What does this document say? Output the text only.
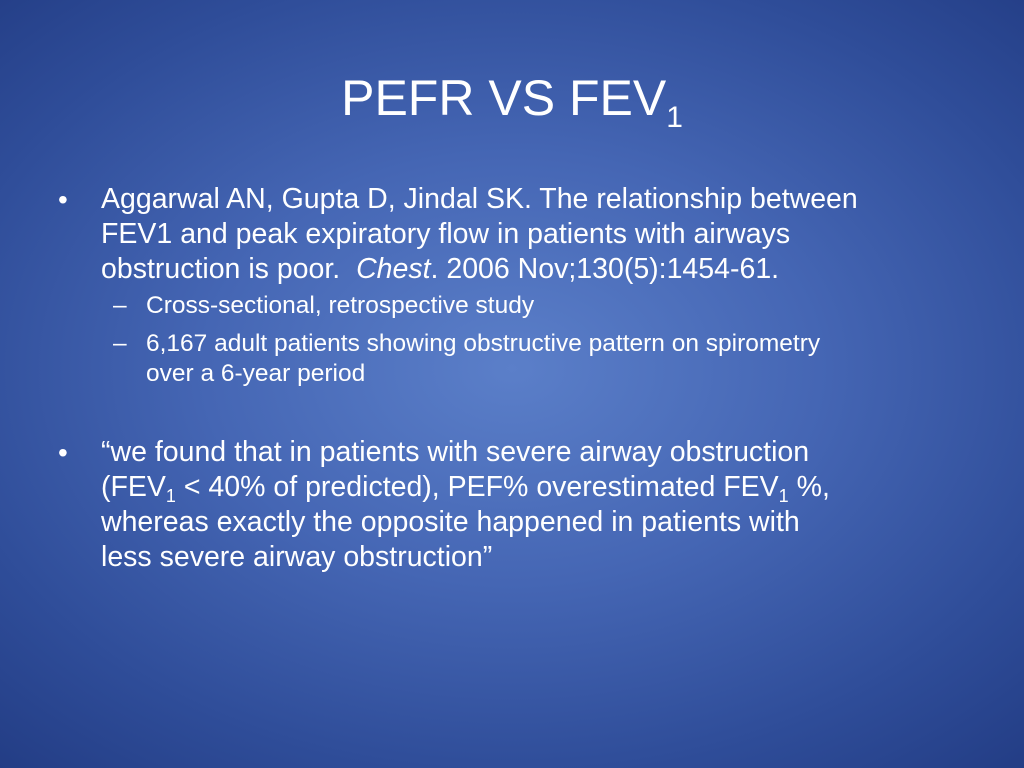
PEFR VS $FEV_1$
• Aggarwal AN, Gupta D, Jindal SK. The relationship between
FEV1 and peak expiratory flow in patients with airways
obstruction is poor.  Chest. 2006 Nov;130(5):1454-61.
– Cross-sectional, retrospective study
– 6,167 adult patients showing obstructive pattern on spirometry
over a 6-year period
• “we found that in patients with severe airway obstruction
($FEV_1 < 40\%$ of predicted), PEF% overestimated $FEV_1$ %,
whereas exactly the opposite happened in patients with
less severe airway obstruction”
